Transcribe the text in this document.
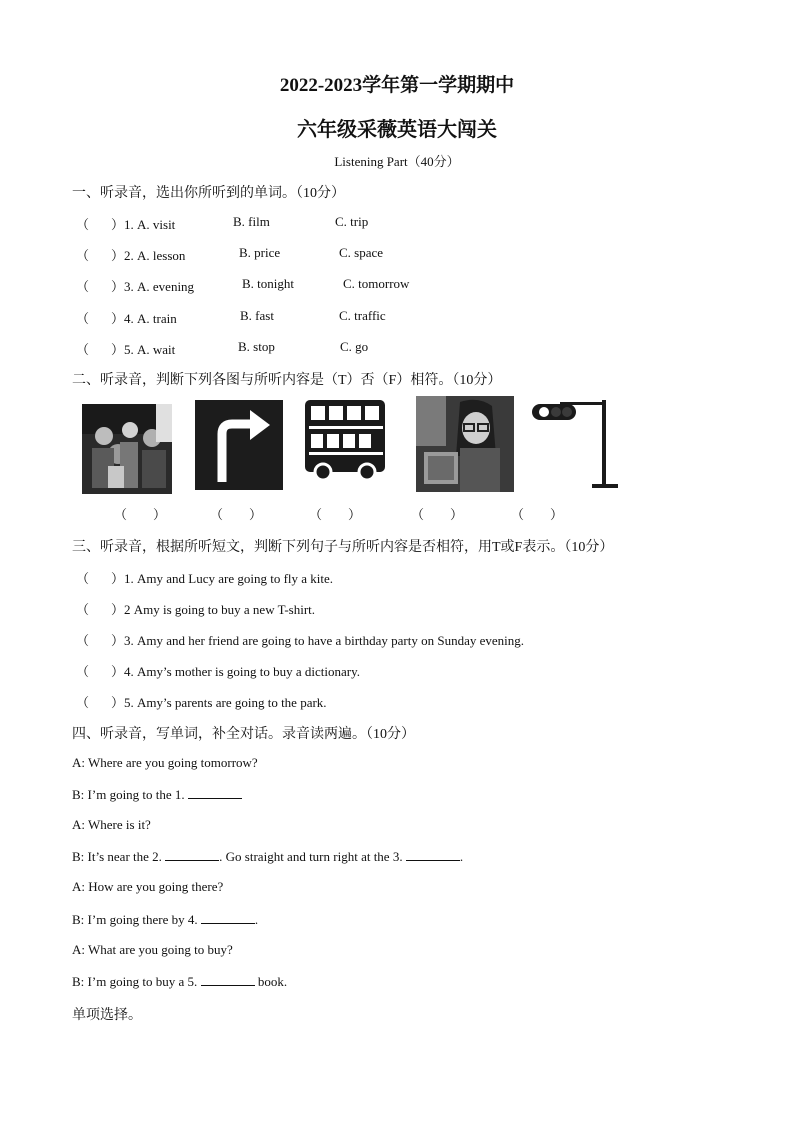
2022-2023学年第一学期期中
六年级采薇英语大闯关
Listening Part（40分）
一、听录音，选出你所听到的单词。（10分）
（ ）1. A. visit	B. film	C. trip
（ ）2. A. lesson	B. price	C. space
（ ）3. A. evening	B. tonight	C. tomorrow
（ ）4. A. train	B. fast	C. traffic
（ ）5. A. wait	B. stop	C. go
二、听录音，判断下列各图与所听内容是（T）否（F）相符。（10分）
（　　）	（　　）	（　　）	（　　）	（　　）
三、听录音，根据所听短文，判断下列句子与所听内容是否相符，用T或F表示。（10分）
（ ）1. Amy and Lucy are going to fly a kite.
（ ）2 Amy is going to buy a new T-shirt.
（ ）3. Amy and her friend are going to have a birthday party on Sunday evening.
（ ）4. Amy’s mother is going to buy a dictionary.
（ ）5. Amy’s parents are going to the park.
四、听录音，写单词，补全对话。录音读两遍。（10分）
A: Where are you going tomorrow?
B: I’m going to the 1.
A: Where is it?
B: It’s near the 2.	. Go straight and turn right at the 3.	.
A: How are you going there?
B: I’m going there by 4.	.
A: What are you going to buy?
B: I’m going to buy a 5.	book.
单项选择。
